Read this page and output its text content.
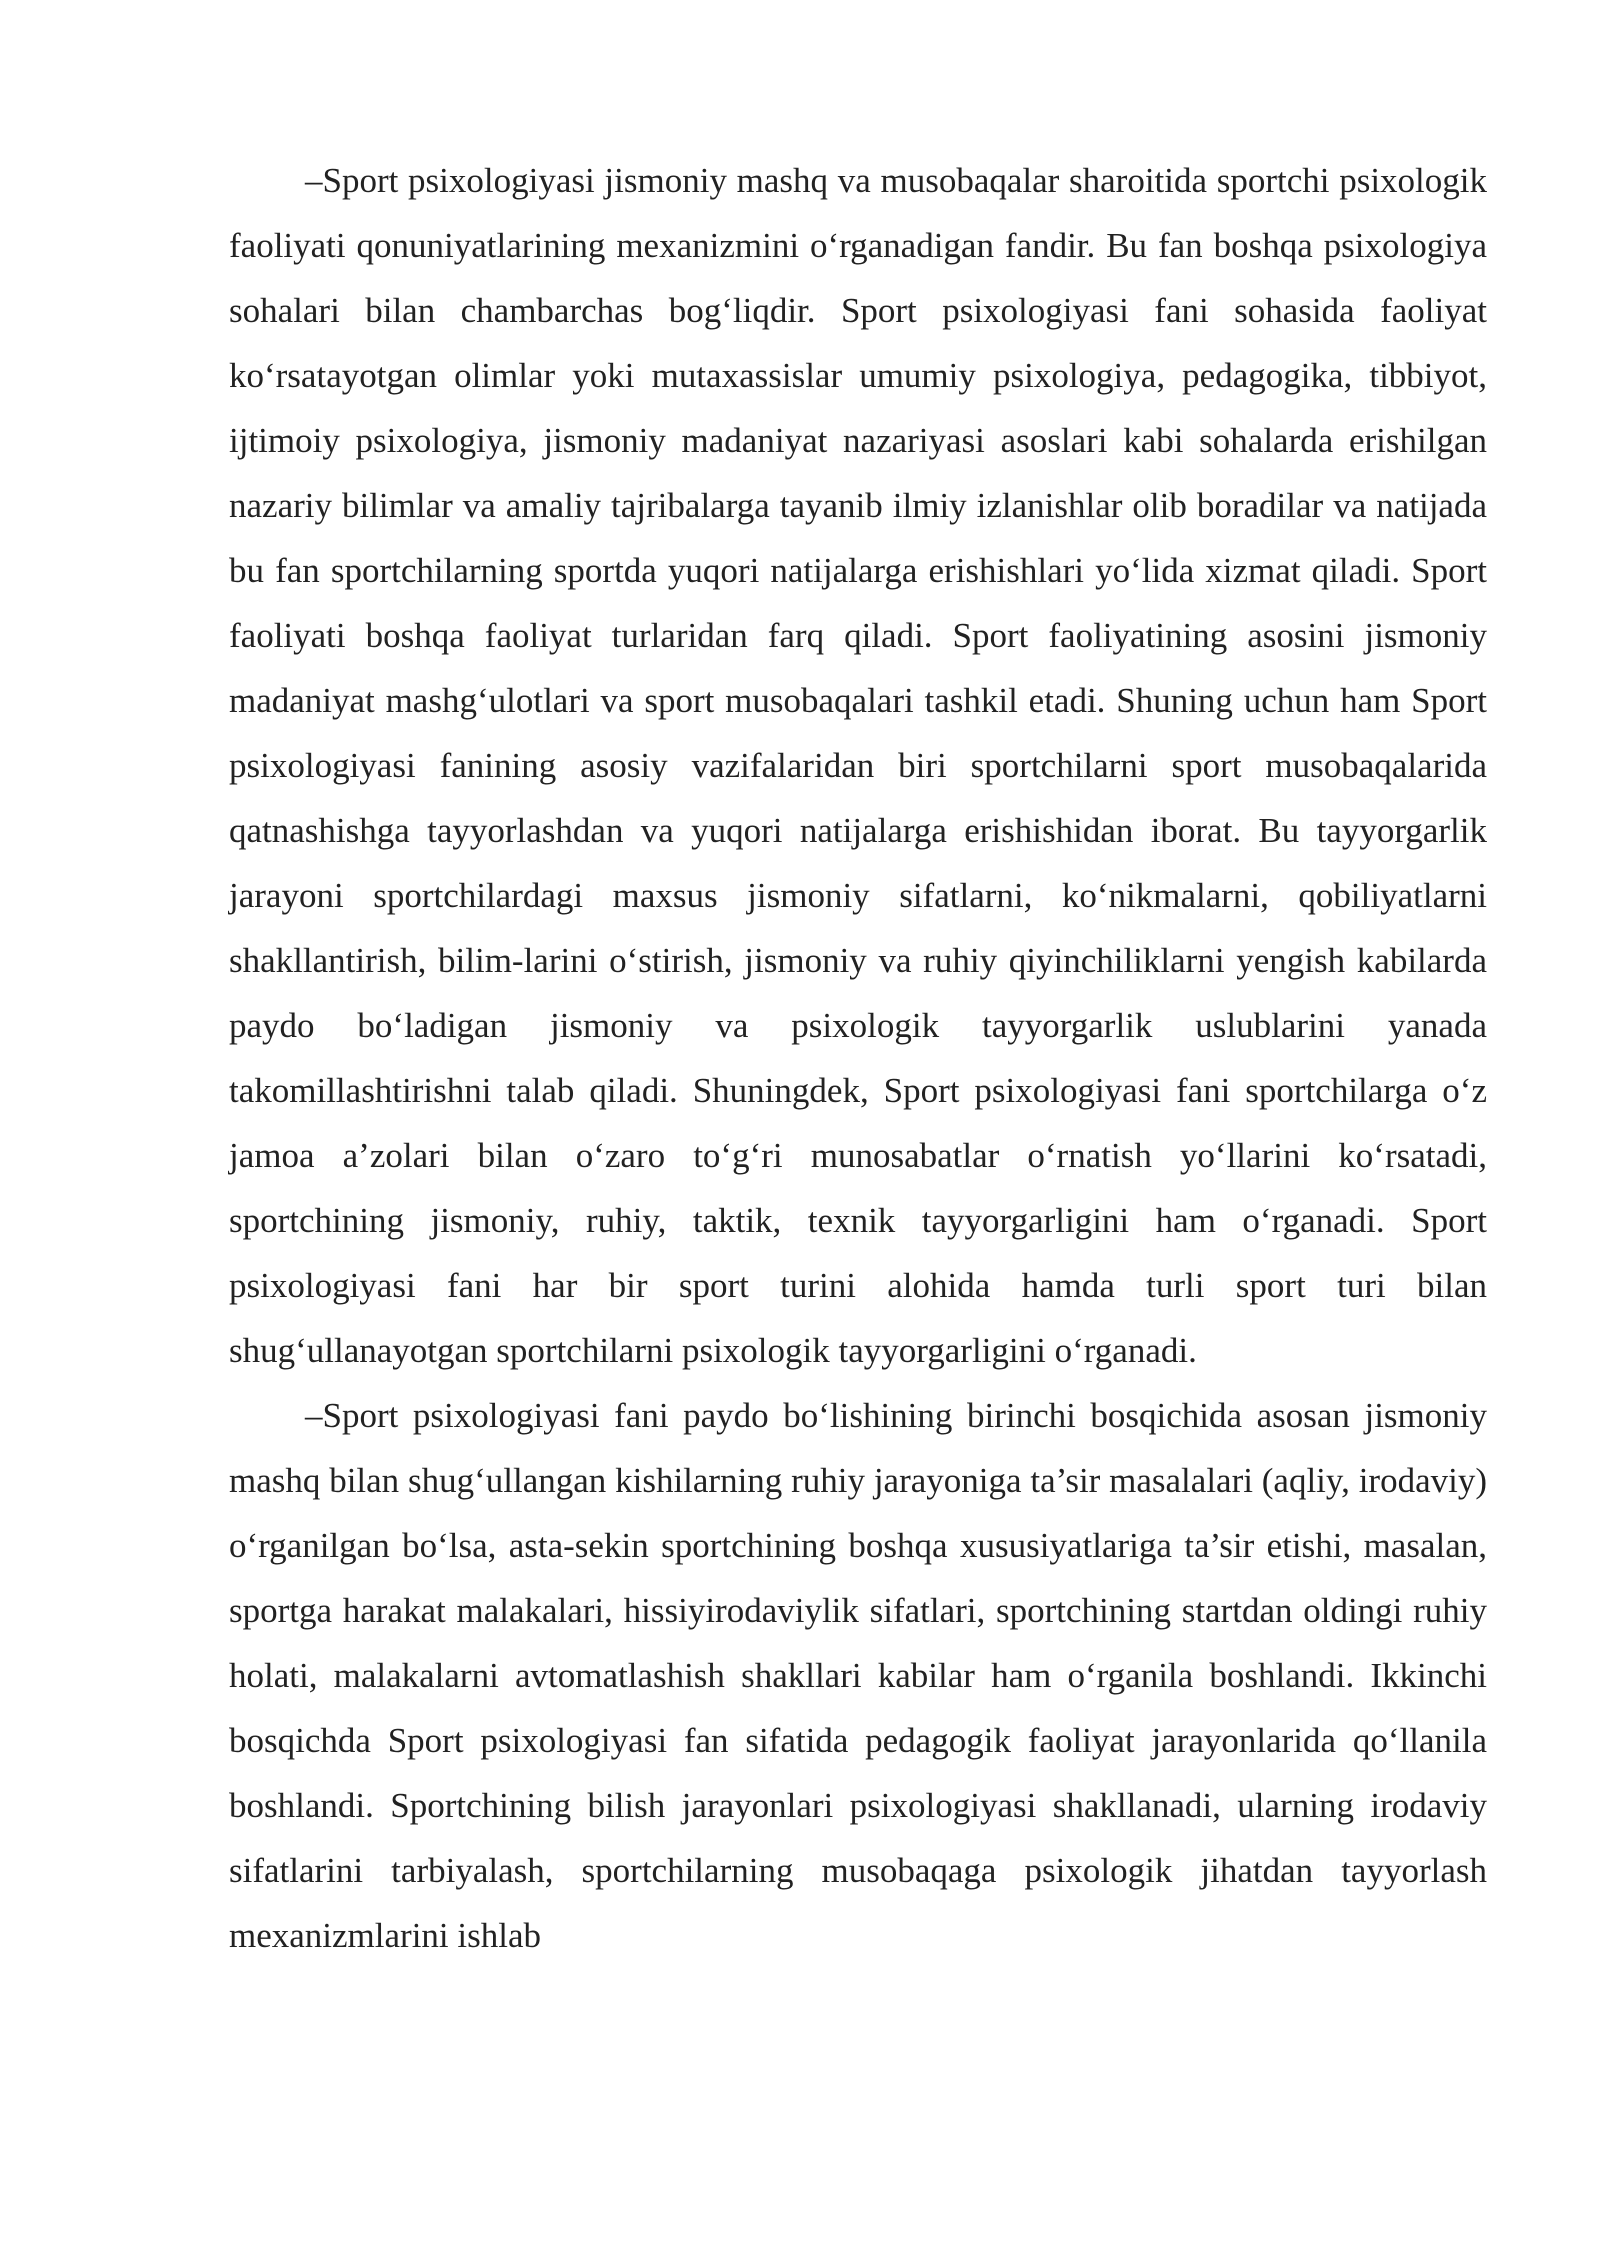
–Sport psixologiyasi jismoniy mashq va musobaqalar sharoitida sportchi psixologik faoliyati qonuniyatlarining mexanizmini o‘rganadigan fandir. Bu fan boshqa psixologiya sohalari bilan chambarchas bog‘liqdir. Sport psixologiyasi fani sohasida faoliyat ko‘rsatayotgan olimlar yoki mutaxassislar umumiy psixologiya, pedagogika, tibbiyot, ijtimoiy psixologiya, jismoniy madaniyat nazariyasi asoslari kabi sohalarda erishilgan nazariy bilimlar va amaliy tajribalarga tayanib ilmiy izlanishlar olib boradilar va natijada bu fan sportchilarning sportda yuqori natijalarga erishishlari yo‘lida xizmat qiladi. Sport faoliyati boshqa faoliyat turlaridan farq qiladi. Sport faoliyatining asosini jismoniy madaniyat mashg‘ulotlari va sport musobaqalari tashkil etadi. Shuning uchun ham Sport psixologiyasi fanining asosiy vazifalaridan biri sportchilarni sport musobaqalarida qatnashishga tayyorlashdan va yuqori natijalarga erishishidan iborat. Bu tayyorgarlik jarayoni sportchilardagi maxsus jismoniy sifatlarni, ko‘nikmalarni, qobiliyatlarni shakllantirish, bilim-larini o‘stirish, jismoniy va ruhiy qiyinchiliklarni yengish kabilarda paydo bo‘ladigan jismoniy va psixologik tayyorgarlik uslublarini yanada takomillashtirishni talab qiladi. Shuningdek, Sport psixologiyasi fani sportchilarga o‘z jamoa a’zolari bilan o‘zaro to‘g‘ri munosabatlar o‘rnatish yo‘llarini ko‘rsatadi, sportchining jismoniy, ruhiy, taktik, texnik tayyorgarligini ham o‘rganadi. Sport psixologiyasi fani har bir sport turini alohida hamda turli sport turi bilan shug‘ullanayotgan sportchilarni psixologik tayyorgarligini o‘rganadi.

–Sport psixologiyasi fani paydo bo‘lishining birinchi bosqichida asosan jismoniy mashq bilan shug‘ullangan kishilarning ruhiy jarayoniga ta’sir masalalari (aqliy, irodaviy) o‘rganilgan bo‘lsa, asta-sekin sportchining boshqa xususiyatlariga ta’sir etishi, masalan, sportga harakat malakalari, hissiyirodaviylik sifatlari, sportchining startdan oldingi ruhiy holati, malakalarni avtomatlashish shakllari kabilar ham o‘rganila boshlandi. Ikkinchi bosqichda Sport psixologiyasi fan sifatida pedagogik faoliyat jarayonlarida qo‘llanila boshlandi. Sportchining bilish jarayonlari psixologiyasi shakllanadi, ularning irodaviy sifatlarini tarbiyalash, sportchilarning musobaqaga psixologik jihatdan tayyorlash mexanizmlarini ishlab
